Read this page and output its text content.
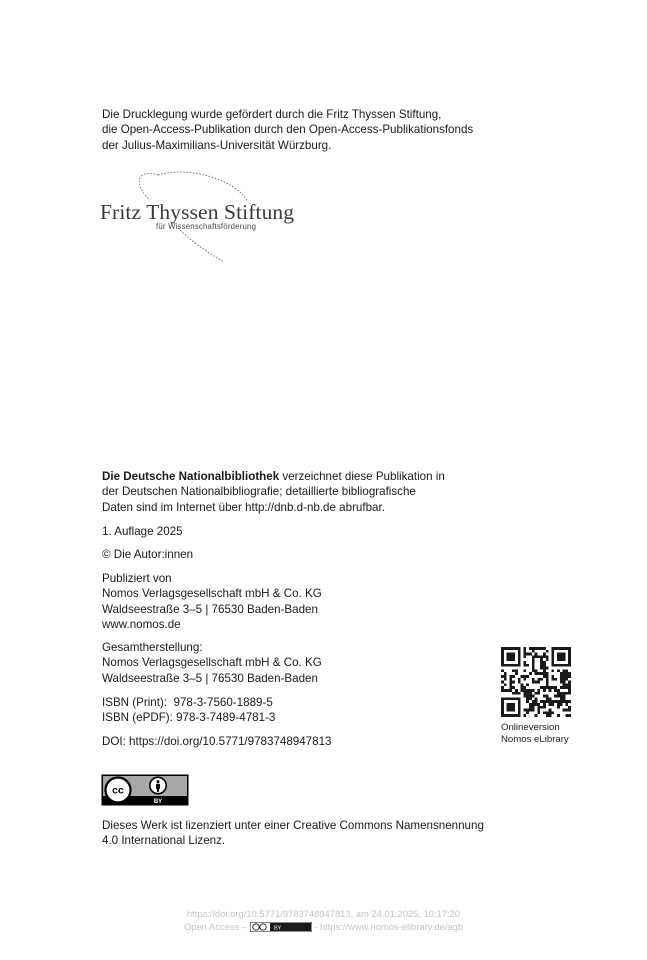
Die Drucklegung wurde gefördert durch die Fritz Thyssen Stiftung,

die Open-Access-Publikation durch den Open-Access-Publikationsfonds

der Julius-Maximilians-Universität Würzburg.

Fritz Thyssen Stiftung
für Wissenschaftsförderung

Die Deutsche Nationalbibliothek verzeichnet diese Publikation in

der Deutschen Nationalbibliografie; detaillierte bibliografische

Daten sind im Internet über http://dnb.d-nb.de abrufbar.

1. Auflage 2025

© Die Autor:innen

Publiziert von

Nomos Verlagsgesellschaft mbH & Co. KG

Waldseestraße 3–5 | 76530 Baden-Baden

www.nomos.de

Gesamtherstellung:

Nomos Verlagsgesellschaft mbH & Co. KG

Waldseestraße 3–5 | 76530 Baden-Baden

ISBN (Print):  978-3-7560-1889-5

ISBN (ePDF): 978-3-7489-4781-3

DOI: https://doi.org/10.5771/9783748947813

Onlineversion

Nomos eLibrary

cc
BY

Dieses Werk ist lizenziert unter einer Creative Commons Namensnennung

4.0 International Lizenz.

https://doi.org/10.5771/9783748947813, am 24.01.2025, 10:17:20

Open Access –	BY	- https://www.nomos-elibrary.de/agb
